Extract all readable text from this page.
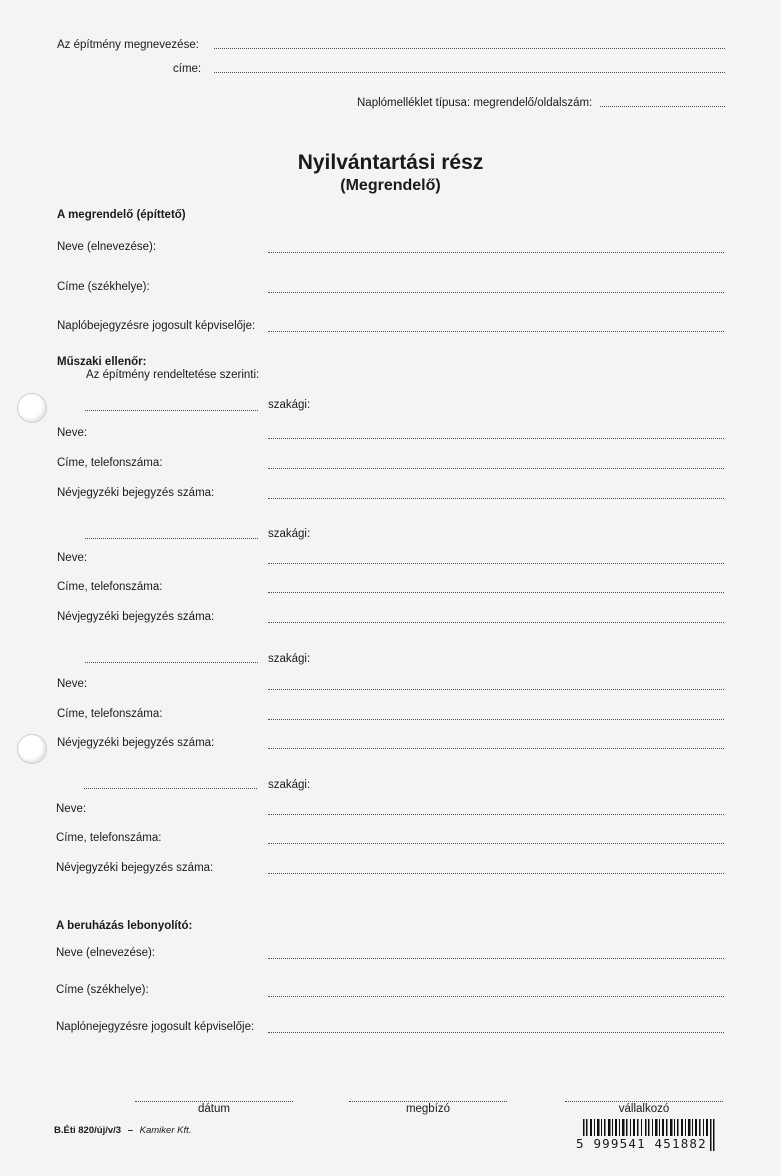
Az építmény megnevezése:
címe:
Naplómelléklet típusa: megrendelő/oldalszám:
Nyilvántartási rész
(Megrendelő)
A megrendelő (építtető)
Neve (elnevezése):
Címe (székhelye):
Naplóbejegyzésre jogosult képviselője:
Műszaki ellenőr:
Az építmény rendeltetése szerinti:
szakági:
Neve:
Címe, telefonszáma:
Névjegyzéki bejegyzés száma:
szakági:
Neve:
Címe, telefonszáma:
Névjegyzéki bejegyzés száma:
szakági:
Neve:
Címe, telefonszáma:
Névjegyzéki bejegyzés száma:
szakági:
Neve:
Címe, telefonszáma:
Névjegyzéki bejegyzés száma:
A beruházás lebonyolító:
Neve (elnevezése):
Címe (székhelye):
Naplónejegyzésre jogosult képviselője:
dátum	megbízó	vállalkozó
B.Éti 820/új/v/3 – Kamiker Kft.
5 999541 451882
